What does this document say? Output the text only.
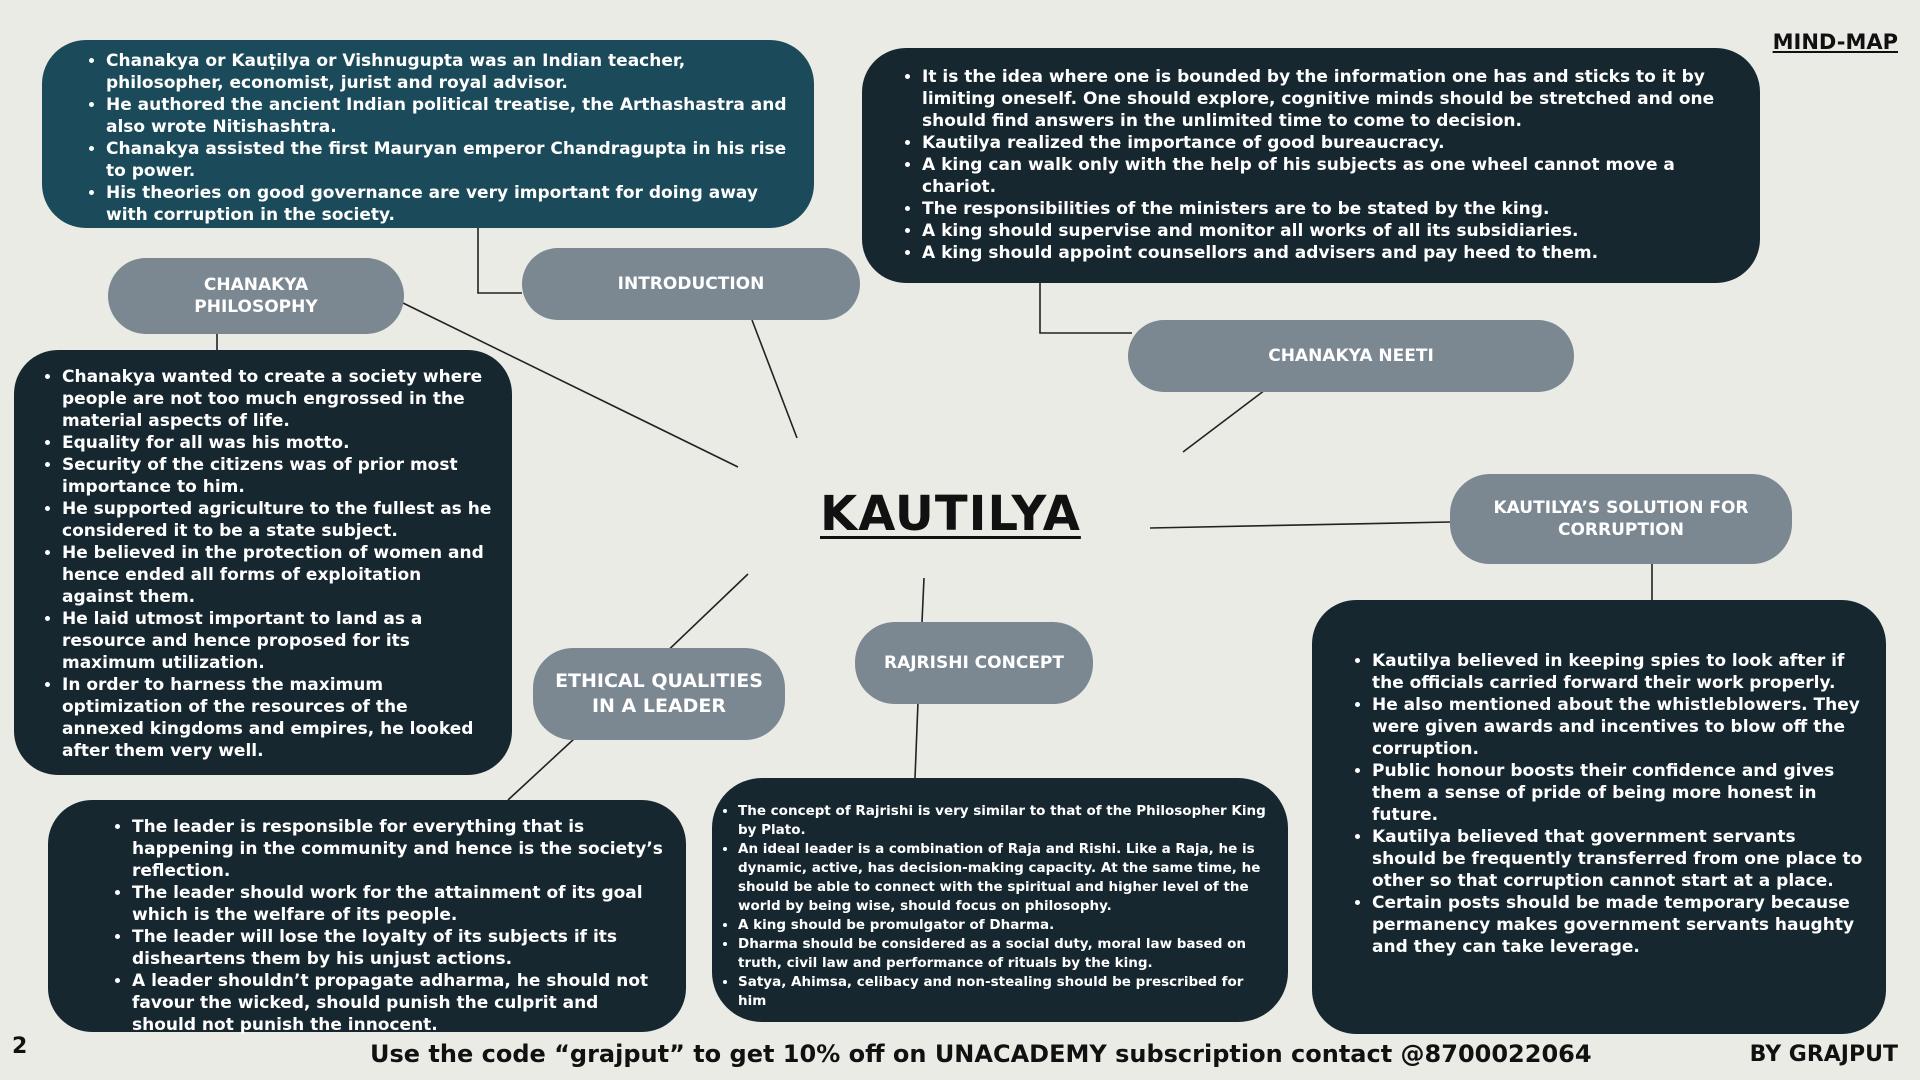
MIND-MAP
• Chanakya or Kauṭilya or Vishnugupta was an Indian teacher, philosopher, economist, jurist and royal advisor.
• He authored the ancient Indian political treatise, the Arthashastra and also wrote Nitishashtra.
• Chanakya assisted the first Mauryan emperor Chandragupta in his rise to power.
• His theories on good governance are very important for doing away with corruption in the society.
• It is the idea where one is bounded by the information one has and sticks to it by limiting oneself. One should explore, cognitive minds should be stretched and one should find answers in the unlimited time to come to decision.
• Kautilya realized the importance of good bureaucracy.
• A king can walk only with the help of his subjects as one wheel cannot move a chariot.
• The responsibilities of the ministers are to be stated by the king.
• A king should supervise and monitor all works of all its subsidiaries.
• A king should appoint counsellors and advisers and pay heed to them.
INTRODUCTION
CHANAKYA PHILOSOPHY
CHANAKYA NEETI
KAUTILYA’S SOLUTION FOR CORRUPTION
ETHICAL QUALITIES IN A LEADER
RAJRISHI CONCEPT
KAUTILYA
• Chanakya wanted to create a society where people are not too much engrossed in the material aspects of life.
• Equality for all was his motto.
• Security of the citizens was of prior most importance to him.
• He supported agriculture to the fullest as he considered it to be a state subject.
• He believed in the protection of women and hence ended all forms of exploitation against them.
• He laid utmost important to land as a resource and hence proposed for its maximum utilization.
• In order to harness the maximum optimization of the resources of the annexed kingdoms and empires, he looked after them very well.
• Kautilya believed in keeping spies to look after if the officials carried forward their work properly.
• He also mentioned about the whistleblowers. They were given awards and incentives to blow off the corruption.
• Public honour boosts their confidence and gives them a sense of pride of being more honest in future.
• Kautilya believed that government servants should be frequently transferred from one place to other so that corruption cannot start at a place.
• Certain posts should be made temporary because permanency makes government servants haughty and they can take leverage.
• The leader is responsible for everything that is happening in the community and hence is the society’s reflection.
• The leader should work for the attainment of its goal which is the welfare of its people.
• The leader will lose the loyalty of its subjects if its disheartens them by his unjust actions.
• A leader shouldn’t propagate adharma, he should not favour the wicked, should punish the culprit and should not punish the innocent.
• The concept of Rajrishi is very similar to that of the Philosopher King by Plato.
• An ideal leader is a combination of Raja and Rishi. Like a Raja, he is dynamic, active, has decision-making capacity. At the same time, he should be able to connect with the spiritual and higher level of the world by being wise, should focus on philosophy.
• A king should be promulgator of Dharma.
• Dharma should be considered as a social duty, moral law based on truth, civil law and performance of rituals by the king.
• Satya, Ahimsa, celibacy and non-stealing should be prescribed for him
2	Use the code “grajput” to get 10% off on UNACADEMY subscription contact @8700022064	BY GRAJPUT
